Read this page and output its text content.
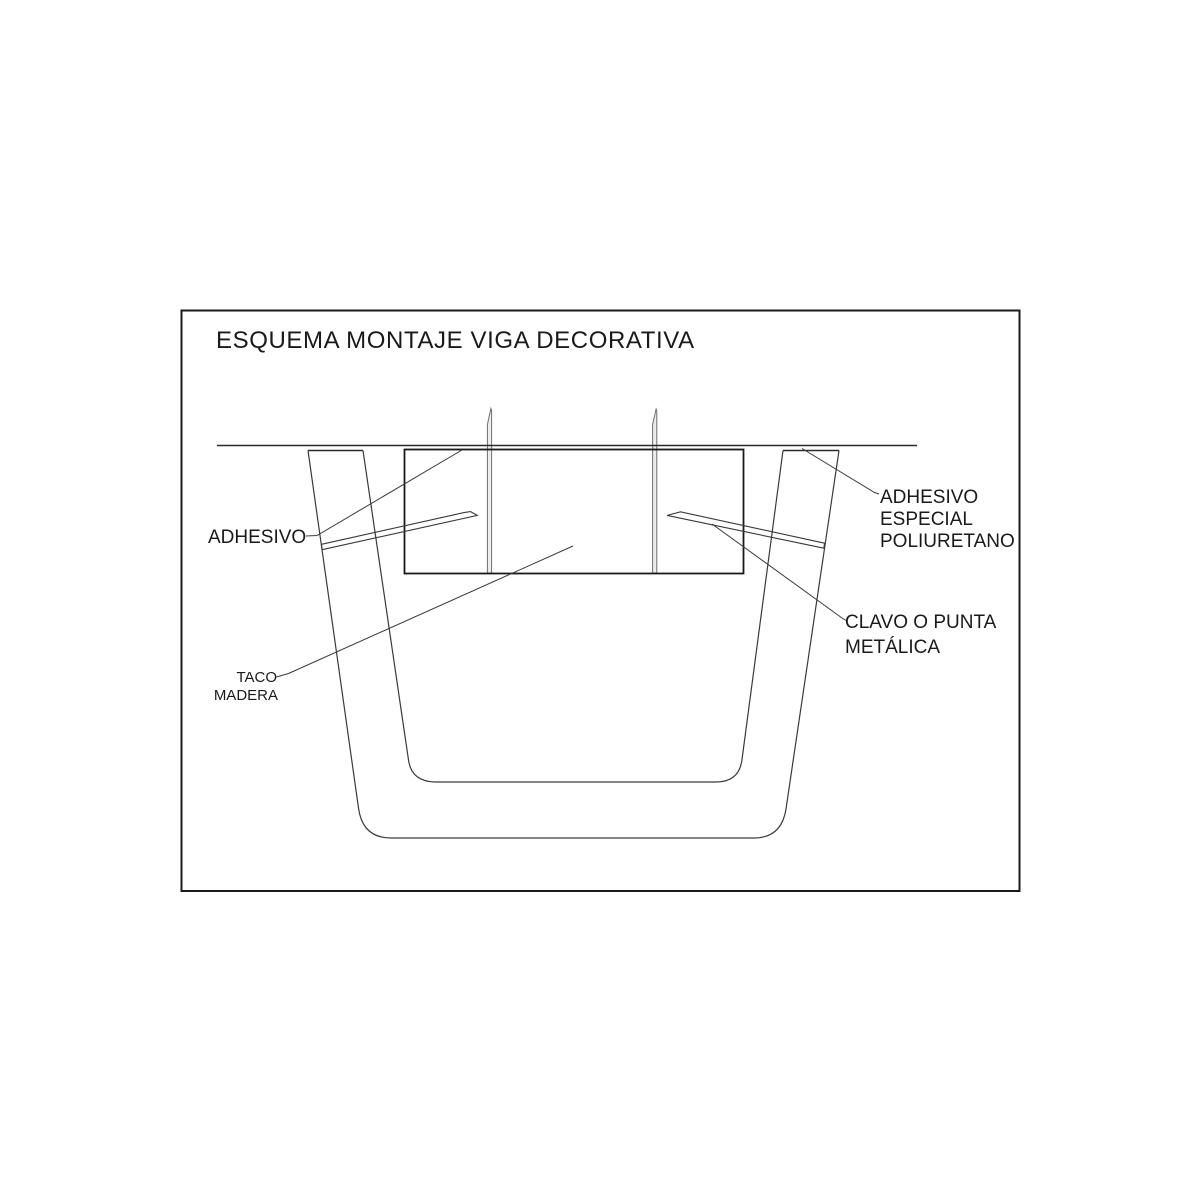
ESQUEMA MONTAJE VIGA DECORATIVA
ADHESIVO
ADHESIVO
ESPECIAL
POLIURETANO
CLAVO O PUNTA
METÁLICA
TACO
MADERA
